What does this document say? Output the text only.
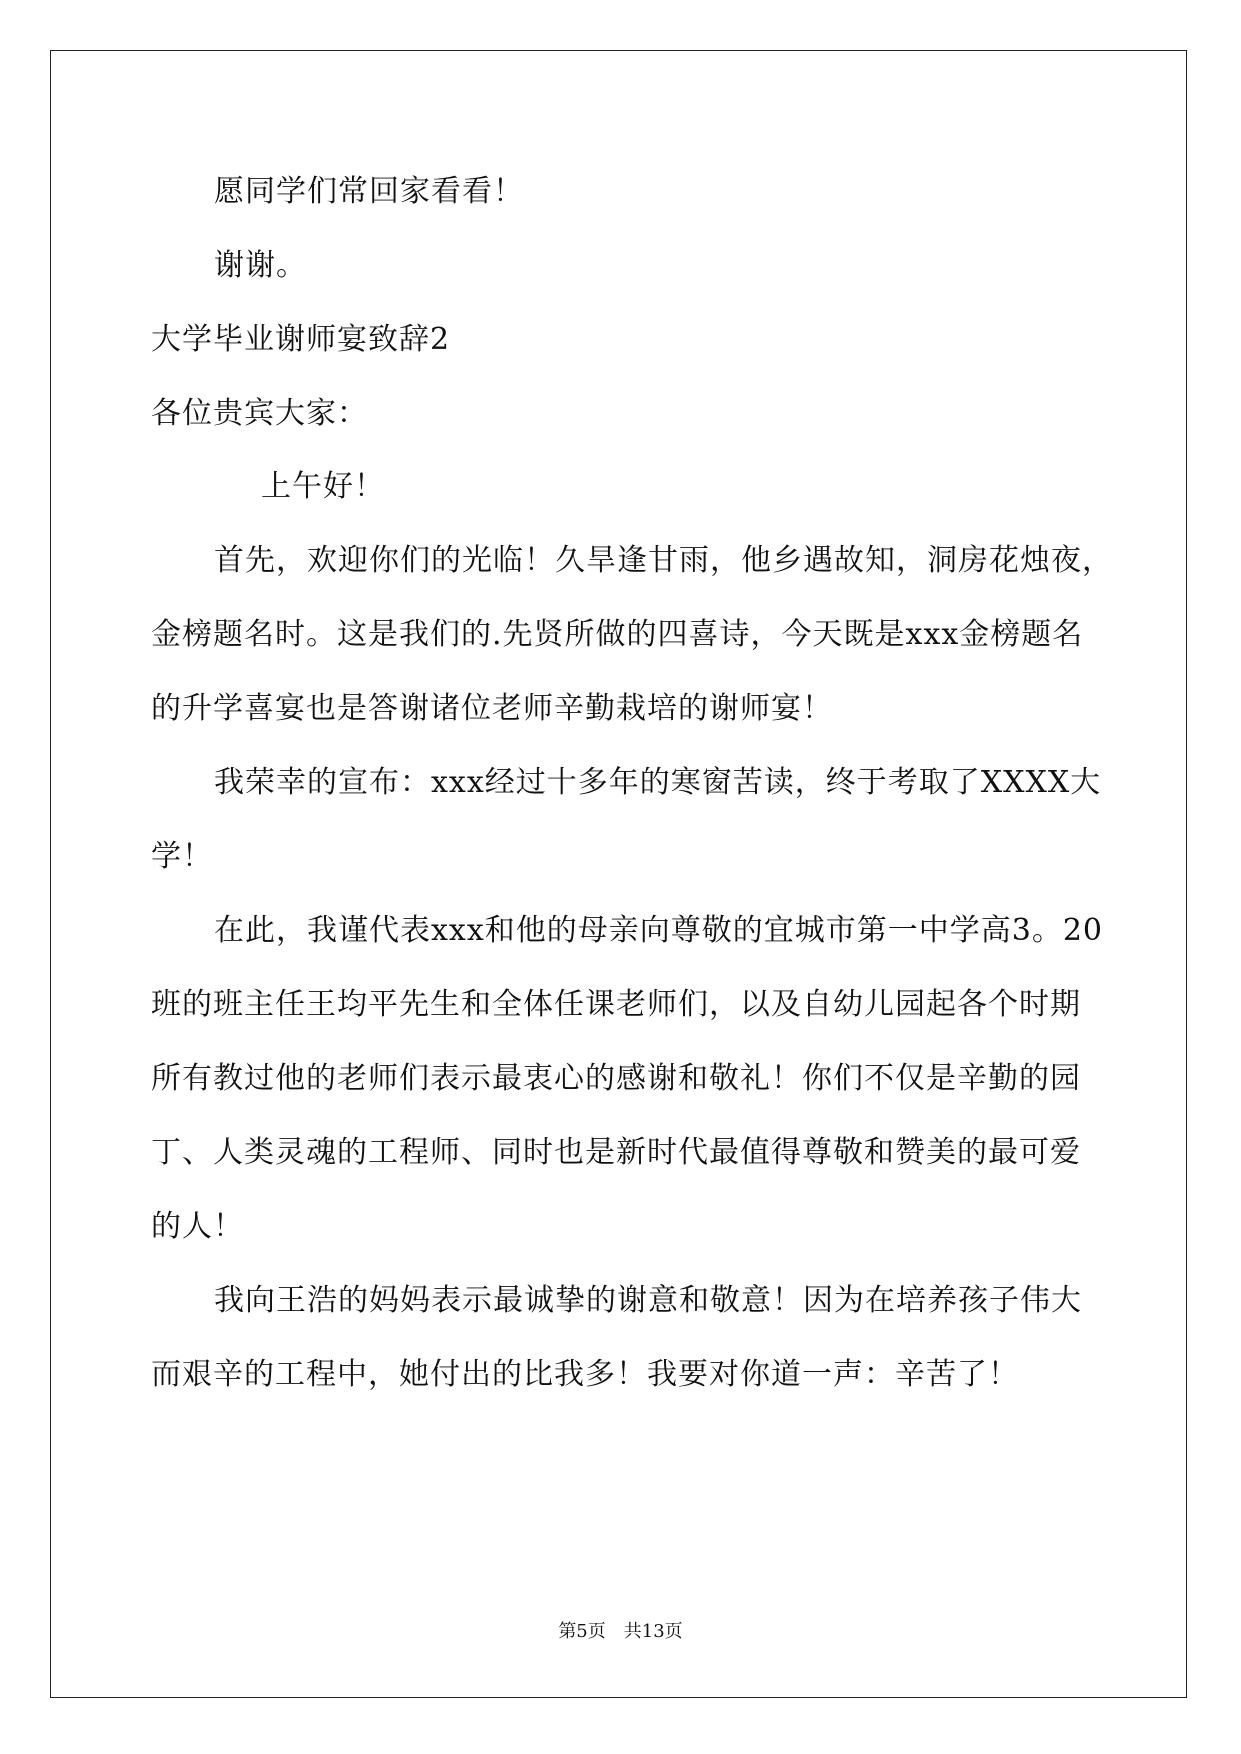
愿同学们常回家看看！
谢谢。
大学毕业谢师宴致辞2
各位贵宾大家：
上午好！
首先，欢迎你们的光临！久旱逢甘雨，他乡遇故知，洞房花烛夜，
金榜题名时。这是我们的.先贤所做的四喜诗，今天既是xxx金榜题名
的升学喜宴也是答谢诸位老师辛勤栽培的谢师宴！
我荣幸的宣布：xxx经过十多年的寒窗苦读，终于考取了XXXX大
学！
在此，我谨代表xxx和他的母亲向尊敬的宜城市第一中学高3。20
班的班主任王均平先生和全体任课老师们，以及自幼儿园起各个时期
所有教过他的老师们表示最衷心的感谢和敬礼！你们不仅是辛勤的园
丁、人类灵魂的工程师、同时也是新时代最值得尊敬和赞美的最可爱
的人！
我向王浩的妈妈表示最诚挚的谢意和敬意！因为在培养孩子伟大
而艰辛的工程中，她付出的比我多！我要对你道一声：辛苦了！
第5页 共13页
